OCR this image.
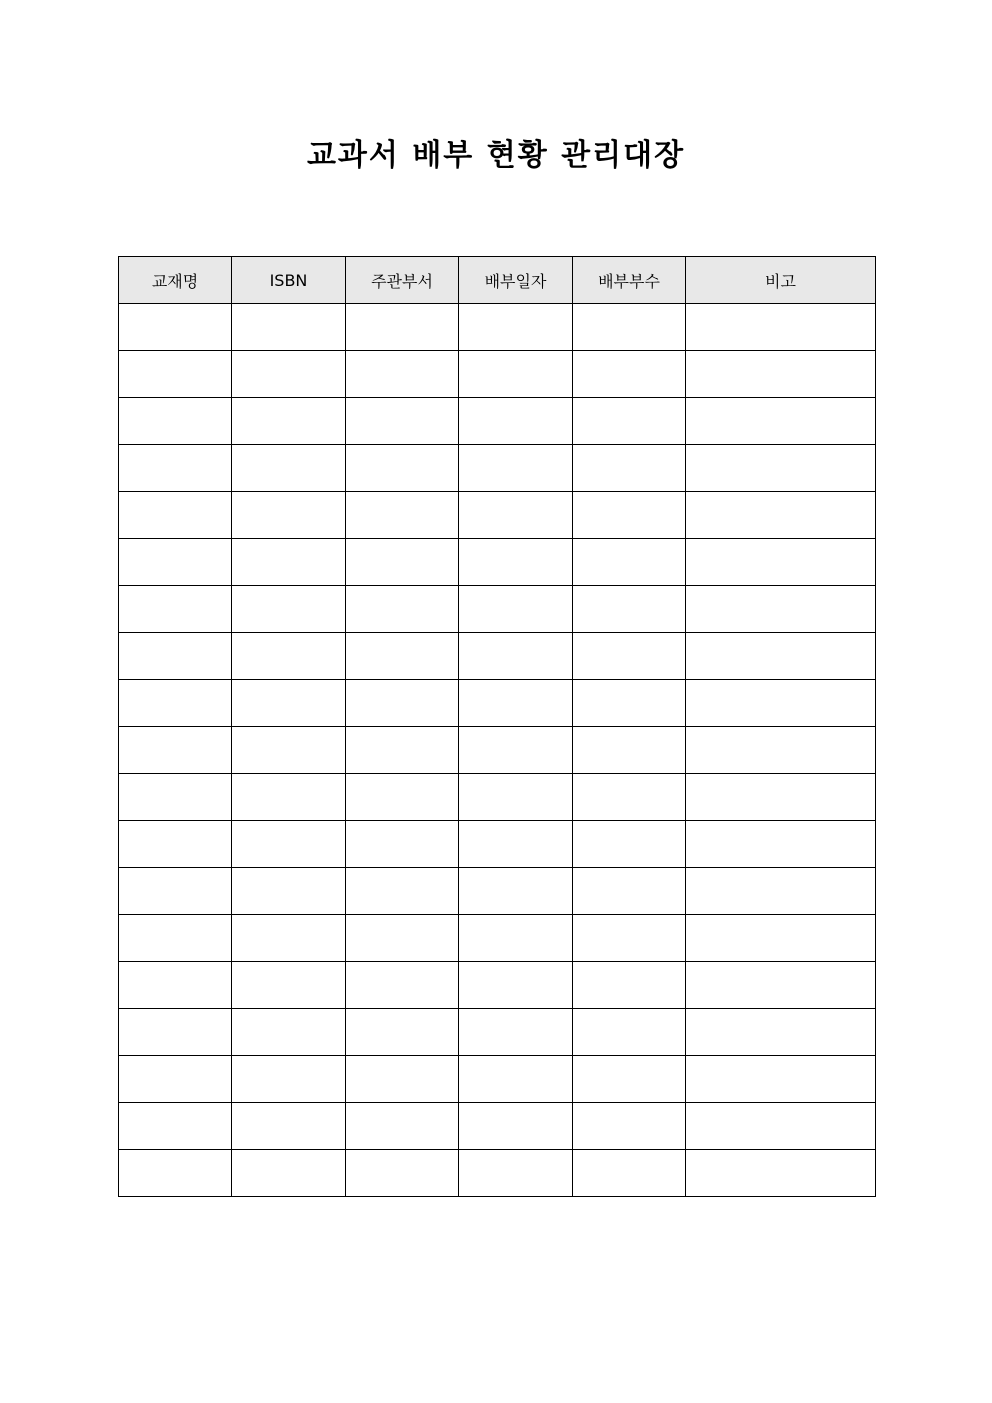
교과서 배부 현황 관리대장
교재명	ISBN	주관부서	배부일자	배부부수	비고
